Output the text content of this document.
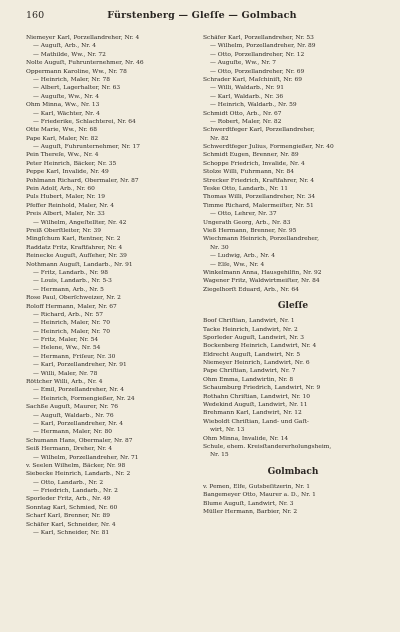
160	Fürstenberg — Gleſſe — Golmbach
Niemeyer Karl, Porzellandreher, Nr. 4
— Auguſt, Arb., Nr. 4
— Mathilde, Ww., Nr. 72
Nolte Auguſt, Fuhrunternehmer, Nr. 46
Oppermann Karoline, Ww., Nr. 78
— Heinrich, Maler, Nr. 78
— Albert, Lagerhalter, Nr. 63
— Auguſte, Ww., Nr. 4
Ohm Minna, Ww., Nr. 13
— Karl, Wächter, Nr. 4
— Friederike, Schlachterei, Nr. 64
Otte Marie, Ww., Nr. 68
Pape Karl, Maler, Nr. 82
— Auguſt, Fuhrunternehmer, Nr. 17
Pein Thereſe, Ww., Nr. 4
Peter Heinrich, Bäcker, Nr. 35
Peppe Karl, Invalide, Nr. 49
Pohlmann Richard, Obermaler, Nr. 87
Pein Adolf, Arb., Nr. 60
Puls Hubert, Maler, Nr. 19
Pfeffer Reinhold, Maler, Nr. 4
Preis Albert, Maler, Nr. 33
— Wilhelm, Angeſtellter, Nr. 42
Preiß Oberſtleiter, Nr. 39
Mingſchum Karl, Rentner, Nr. 2
Raddatz Fritz, Kraftfahrer, Nr. 4
Reinecke Auguſt, Aufſeher, Nr. 39
Nothmann Auguſt, Landarb., Nr. 91
— Fritz, Landarb., Nr. 98
— Louis, Landarb., Nr. 5-3
— Hermann, Arb., Nr. 5
Rose Paul, Oberſchweizer, Nr. 2
Roloff Hermann, Maler, Nr. 67
— Richard, Arb., Nr. 57
— Heinrich, Maler, Nr. 70
— Heinrich, Maler, Nr. 70
— Fritz, Maler, Nr. 54
— Helene, Ww., Nr. 54
— Hermann, Friſeur, Nr. 30
— Karl, Porzellandreher, Nr. 91
— Willi, Maler, Nr. 78
Röttcher Willi, Arb., Nr. 4
— Emil, Porzellandreher, Nr. 4
— Heinrich, Formengießer, Nr. 24
Sachße Auguſt, Maurer, Nr. 76
— Auguſt, Waldarb., Nr. 76
— Karl, Porzellandreher, Nr. 4
— Hermann, Maler, Nr. 80
Schumann Hans, Obermaler, Nr. 87
Seiß Hermann, Dreher, Nr. 4
— Wilhelm, Porzellandreher, Nr. 71
v. Seelen Wilhelm, Bäcker, Nr. 98
Siebecke Heinrich, Landarb., Nr. 2
— Otto, Landarb., Nr. 2
— Friedrich, Landarb., Nr. 2
Sporleder Fritz, Arb., Nr. 49
Sonntag Karl, Schmied, Nr. 60
Scharf Karl, Brenner, Nr. 89
Schäfer Karl, Schneider, Nr. 4
— Karl, Schneider, Nr. 81
Schäfer Karl, Porzellandreher, Nr. 53
— Wilhelm, Porzellandreher, Nr. 89
— Otto, Porzellandreher, Nr. 12
— Auguſte, Ww., Nr. 7
— Otto, Porzellandreher, Nr. 69
Schrader Karl, Maſchiniſt, Nr. 69
— Willi, Waldarb., Nr. 91
— Karl, Waldarb., Nr. 36
— Heinrich, Waldarb., Nr. 59
Schmidt Otto, Arb., Nr. 67
— Robert, Maler, Nr. 82
Schwerdtfeger Karl, Porzellandreher,
Nr. 82
Schwerdtfeger Julius, Formengießer, Nr. 40
Schmidt Eugen, Brenner, Nr. 89
Schoppe Friedrich, Invalide, Nr. 4
Stolze Willi, Fuhrmann, Nr. 84
Strecker Friedrich, Kraftfahrer, Nr. 4
Teske Otto, Landarb., Nr. 11
Thomas Willi, Porzellandreher, Nr. 34
Timme Richard, Malermeiſter, Nr. 51
— Otto, Lehrer, Nr. 37
Ungerath Georg, Arb., Nr. 83
Vieß Hermann, Brenner, Nr. 95
Wiechmann Heinrich, Porzellandreher,
Nr. 30
— Ludwig, Arb., Nr. 4
— Elſe, Ww., Nr. 4
Winkelmann Anna, Hausgehilfin, Nr. 92
Wagener Fritz, Waldwirtmeiſter, Nr. 84
Ziegelhorſt Eduard, Arb., Nr. 64
Gleſſe
Boof Chriſtian, Landwirt, Nr. 1
Tacke Heinrich, Landwirt, Nr. 2
Sporleder Auguſt, Landwirt, Nr. 3
Bockenberg Heinrich, Landwirt, Nr. 4
Eldrecht Auguſt, Landwirt, Nr. 5
Niemeyer Heinrich, Landwirt, Nr. 6
Pape Chriſtian, Landwirt, Nr. 7
Ohm Emma, Landwirtin, Nr. 8
Schaumburg Friedrich, Landwirt, Nr. 9
Rothahn Chriſtian, Landwirt, Nr. 10
Wedekind Auguſt, Landwirt, Nr. 11
Brehmann Karl, Landwirt, Nr. 12
Wieboldt Chriſtian, Land- und Gaſt-
wirt, Nr. 13
Ohm Minna, Invalide, Nr. 14
Schule, ehem. Kreisſtandererholungsheim,
Nr. 15
Golmbach
v. Pemen, Elfe, Gutsbeſitzerin, Nr. 1
Bangemeyer Otto, Maurer a. D., Nr. 1
Blume Auguſt, Landwirt, Nr. 3
Müller Hermann, Barbier, Nr. 2
